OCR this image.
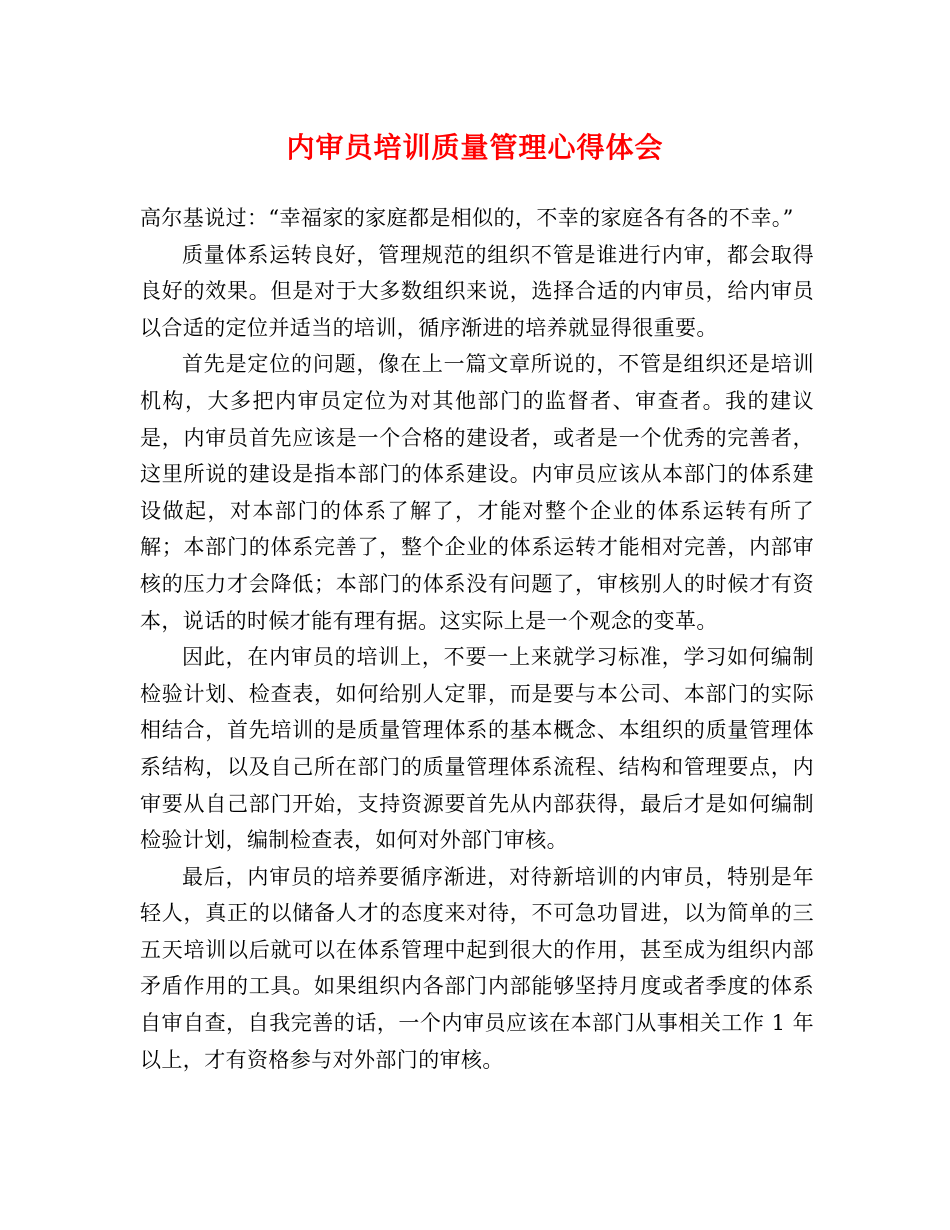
内审员培训质量管理心得体会

高尔基说过：“幸福家的家庭都是相似的，不幸的家庭各有各的不幸。”

质量体系运转良好，管理规范的组织不管是谁进行内审，都会取得良好的效果。但是对于大多数组织来说，选择合适的内审员，给内审员以合适的定位并适当的培训，循序渐进的培养就显得很重要。

首先是定位的问题，像在上一篇文章所说的，不管是组织还是培训机构，大多把内审员定位为对其他部门的监督者、审查者。我的建议是，内审员首先应该是一个合格的建设者，或者是一个优秀的完善者，这里所说的建设是指本部门的体系建设。内审员应该从本部门的体系建设做起，对本部门的体系了解了，才能对整个企业的体系运转有所了解；本部门的体系完善了，整个企业的体系运转才能相对完善，内部审核的压力才会降低；本部门的体系没有问题了，审核别人的时候才有资本，说话的时候才能有理有据。这实际上是一个观念的变革。

因此，在内审员的培训上，不要一上来就学习标准，学习如何编制检验计划、检查表，如何给别人定罪，而是要与本公司、本部门的实际相结合，首先培训的是质量管理体系的基本概念、本组织的质量管理体系结构，以及自己所在部门的质量管理体系流程、结构和管理要点，内审要从自己部门开始，支持资源要首先从内部获得，最后才是如何编制检验计划，编制检查表，如何对外部门审核。

最后，内审员的培养要循序渐进，对待新培训的内审员，特别是年轻人，真正的以储备人才的态度来对待，不可急功冒进，以为简单的三五天培训以后就可以在体系管理中起到很大的作用，甚至成为组织内部矛盾作用的工具。如果组织内各部门内部能够坚持月度或者季度的体系自审自查，自我完善的话，一个内审员应该在本部门从事相关工作 1 年以上，才有资格参与对外部门的审核。
